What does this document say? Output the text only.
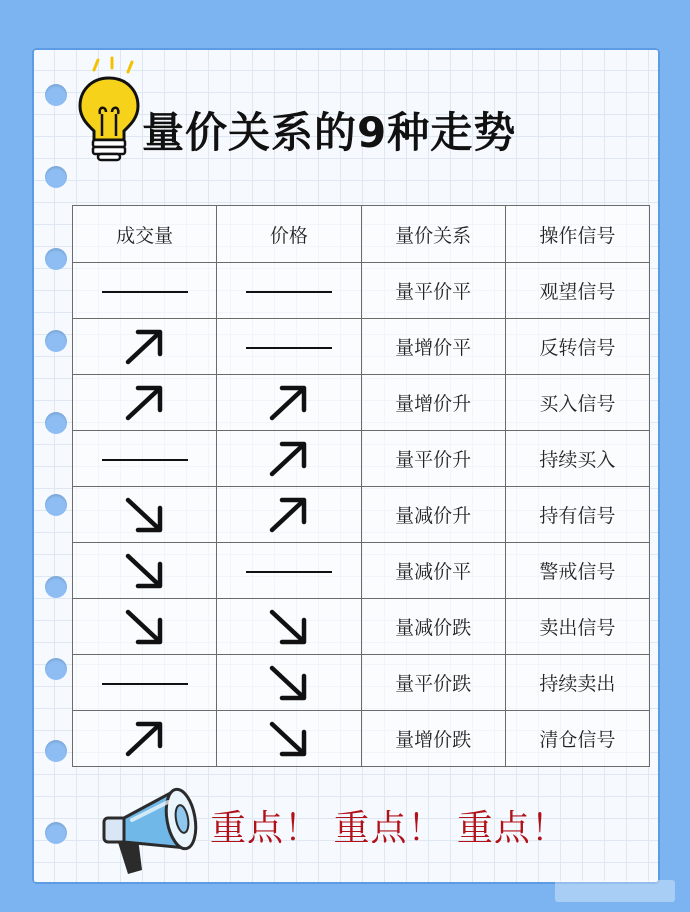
量价关系的9种走势
成交量	价格	量价关系	操作信号
		量平价平	观望信号
		量增价平	反转信号
		量增价升	买入信号
		量平价升	持续买入
		量减价升	持有信号
		量减价平	警戒信号
		量减价跌	卖出信号
		量平价跌	持续卖出
		量增价跌	清仓信号
重点！ 重点！ 重点！
